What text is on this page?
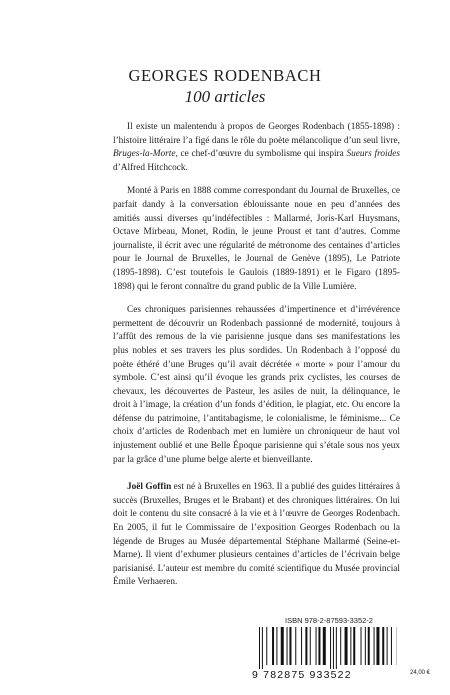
GEORGES RODENBACH
100 articles

Il existe un malentendu à propos de Georges Rodenbach (1855-1898) : l’histoire littéraire l’a figé dans le rôle du poète mélancolique d’un seul livre, Bruges-la-Morte, ce chef-d’œuvre du symbolisme qui inspira Sueurs froides d’Alfred Hitchcock.

Monté à Paris en 1888 comme correspondant du Journal de Bruxelles, ce parfait dandy à la conversation éblouissante noue en peu d’années des amitiés aussi diverses qu’indéfectibles : Mallarmé, Joris-Karl Huysmans, Octave Mirbeau, Monet, Rodin, le jeune Proust et tant d’autres. Comme journaliste, il écrit avec une régularité de métronome des centaines d’articles pour le Journal de Bruxelles, le Journal de Genève (1895), Le Patriote (1895-1898). C’est toutefois le Gaulois (1889-1891) et le Figaro (1895-1898) qui le feront connaître du grand public de la Ville Lumière.

Ces chroniques parisiennes rehaussées d’impertinence et d’irrévérence permettent de découvrir un Rodenbach passionné de modernité, toujours à l’affût des remous de la vie parisienne jusque dans ses manifestations les plus nobles et ses travers les plus sordides. Un Rodenbach à l’opposé du poète éthéré d’une Bruges qu’il avait décrétée « morte » pour l’amour du symbole. C’est ainsi qu’il évoque les grands prix cyclistes, les courses de chevaux, les découvertes de Pasteur, les asiles de nuit, la délinquance, le droit à l’image, la création d’un fonds d’édition, le plagiat, etc. Ou encore la défense du patrimoine, l’antitabagisme, le colonialisme, le féminisme... Ce choix d’articles de Rodenbach met en lumière un chroniqueur de haut vol injustement oublié et une Belle Époque parisienne qui s’étale sous nos yeux par la grâce d’une plume belge alerte et bienveillante.

Joël Goffin est né à Bruxelles en 1963. Il a publié des guides littéraires à succès (Bruxelles, Bruges et le Brabant) et des chroniques littéraires. On lui doit le contenu du site consacré à la vie et à l’œuvre de Georges Rodenbach. En 2005, il fut le Commissaire de l’exposition Georges Rodenbach ou la légende de Bruges au Musée départemental Stéphane Mallarmé (Seine-et-Marne). Il vient d’exhumer plusieurs centaines d’articles de l’écrivain belge parisianisé. L’auteur est membre du comité scientifique du Musée provincial Émile Verhaeren.

ISBN 978-2-87593-3352-2
9 782875 933522	24,00 €
